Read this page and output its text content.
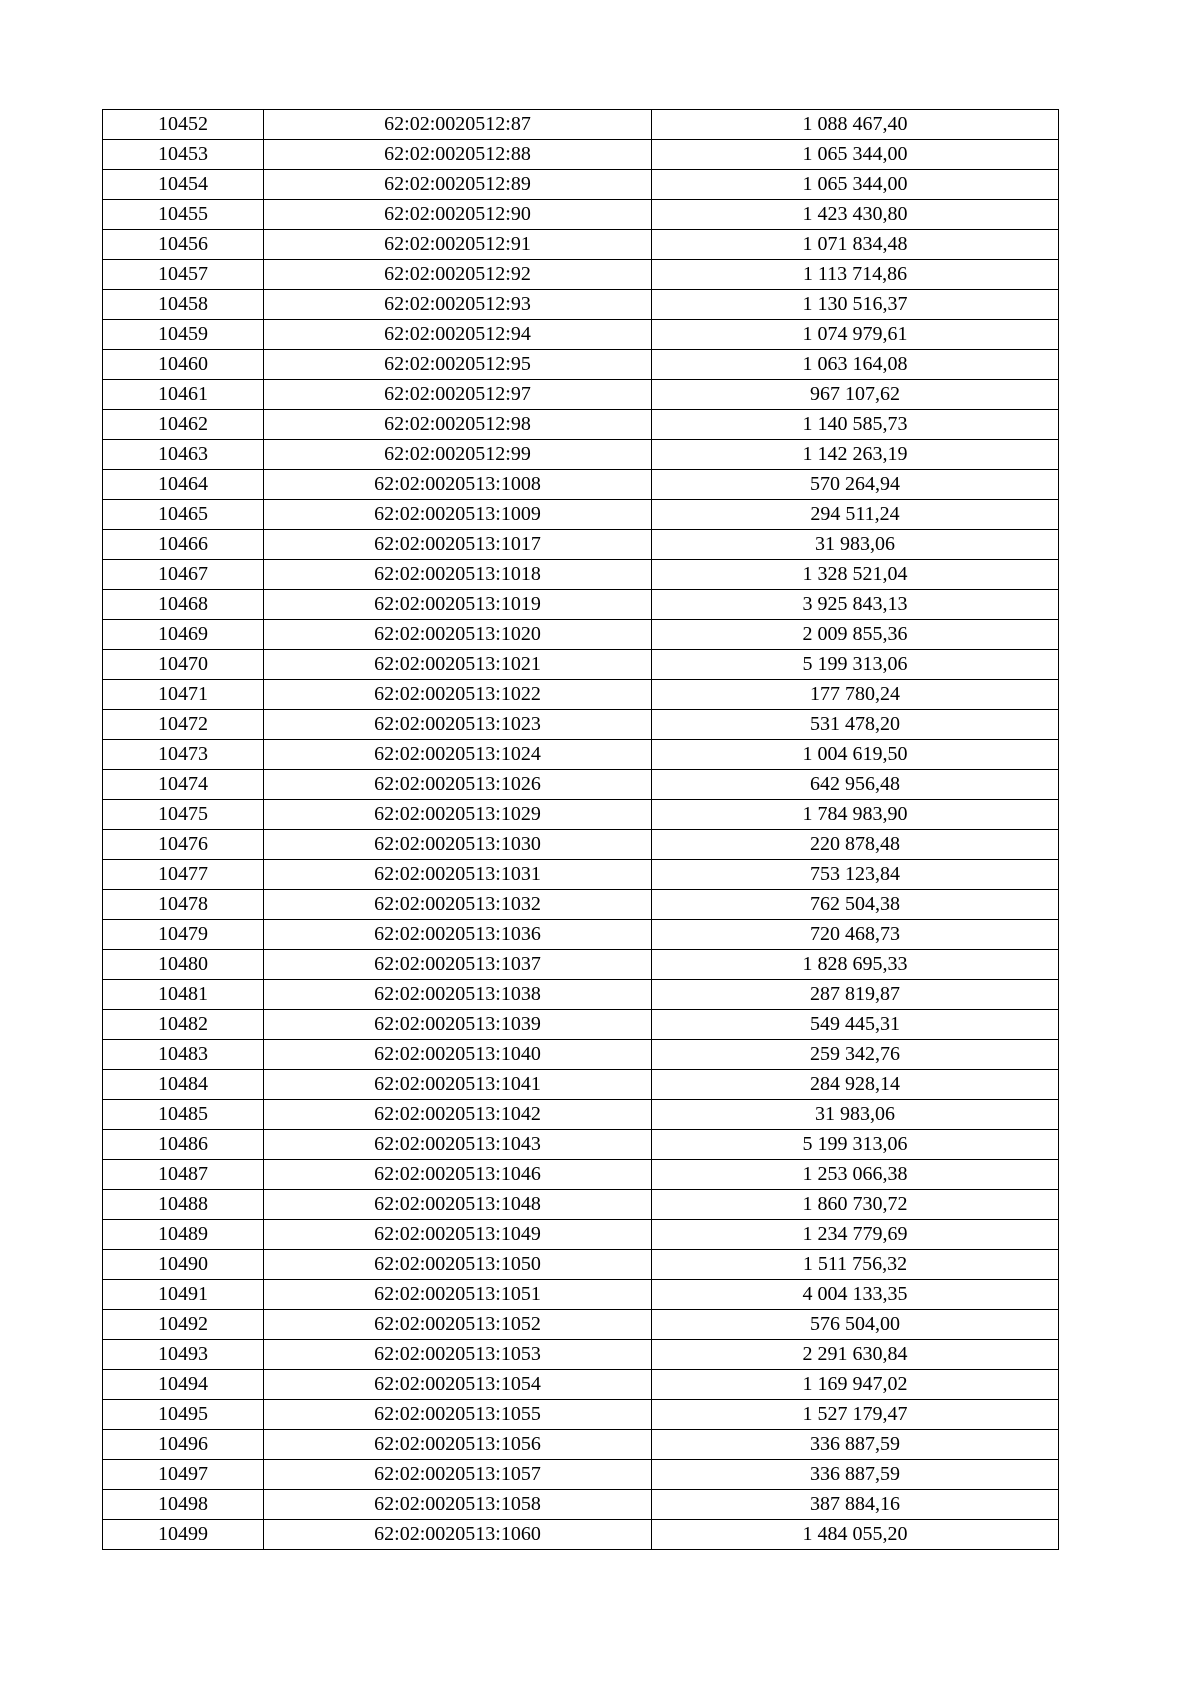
10452	62:02:0020512:87	1 088 467,40
10453	62:02:0020512:88	1 065 344,00
10454	62:02:0020512:89	1 065 344,00
10455	62:02:0020512:90	1 423 430,80
10456	62:02:0020512:91	1 071 834,48
10457	62:02:0020512:92	1 113 714,86
10458	62:02:0020512:93	1 130 516,37
10459	62:02:0020512:94	1 074 979,61
10460	62:02:0020512:95	1 063 164,08
10461	62:02:0020512:97	967 107,62
10462	62:02:0020512:98	1 140 585,73
10463	62:02:0020512:99	1 142 263,19
10464	62:02:0020513:1008	570 264,94
10465	62:02:0020513:1009	294 511,24
10466	62:02:0020513:1017	31 983,06
10467	62:02:0020513:1018	1 328 521,04
10468	62:02:0020513:1019	3 925 843,13
10469	62:02:0020513:1020	2 009 855,36
10470	62:02:0020513:1021	5 199 313,06
10471	62:02:0020513:1022	177 780,24
10472	62:02:0020513:1023	531 478,20
10473	62:02:0020513:1024	1 004 619,50
10474	62:02:0020513:1026	642 956,48
10475	62:02:0020513:1029	1 784 983,90
10476	62:02:0020513:1030	220 878,48
10477	62:02:0020513:1031	753 123,84
10478	62:02:0020513:1032	762 504,38
10479	62:02:0020513:1036	720 468,73
10480	62:02:0020513:1037	1 828 695,33
10481	62:02:0020513:1038	287 819,87
10482	62:02:0020513:1039	549 445,31
10483	62:02:0020513:1040	259 342,76
10484	62:02:0020513:1041	284 928,14
10485	62:02:0020513:1042	31 983,06
10486	62:02:0020513:1043	5 199 313,06
10487	62:02:0020513:1046	1 253 066,38
10488	62:02:0020513:1048	1 860 730,72
10489	62:02:0020513:1049	1 234 779,69
10490	62:02:0020513:1050	1 511 756,32
10491	62:02:0020513:1051	4 004 133,35
10492	62:02:0020513:1052	576 504,00
10493	62:02:0020513:1053	2 291 630,84
10494	62:02:0020513:1054	1 169 947,02
10495	62:02:0020513:1055	1 527 179,47
10496	62:02:0020513:1056	336 887,59
10497	62:02:0020513:1057	336 887,59
10498	62:02:0020513:1058	387 884,16
10499	62:02:0020513:1060	1 484 055,20
